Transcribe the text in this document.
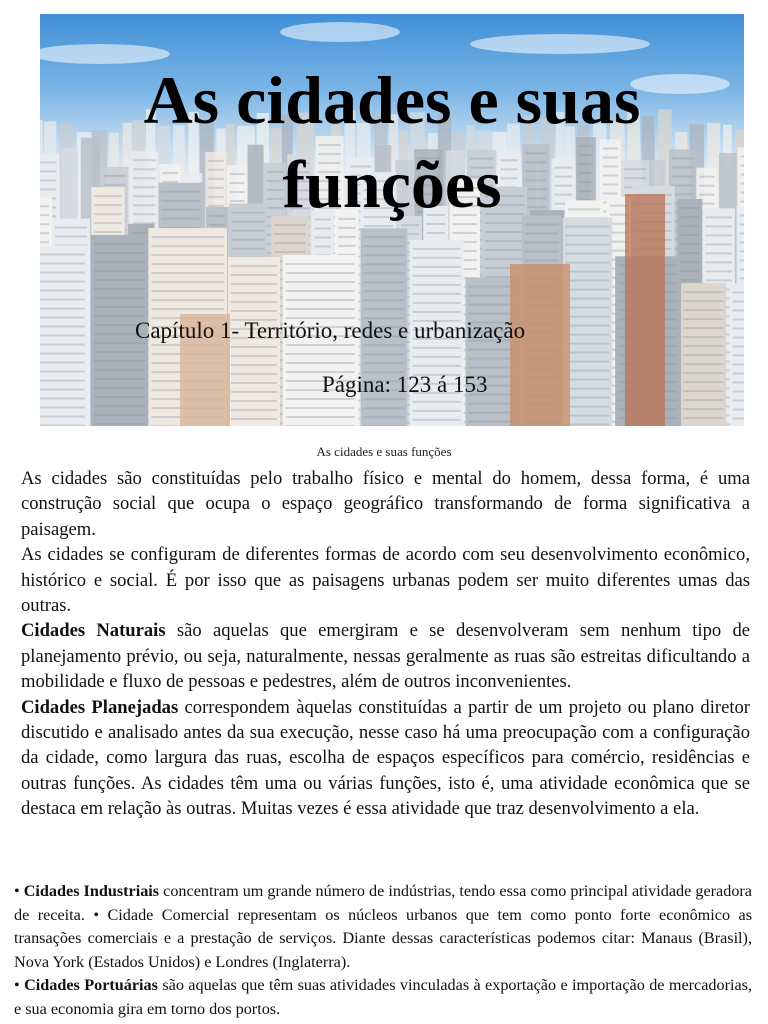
As cidades e suas funções
Capítulo 1- Território, redes e urbanização
Página: 123 á 153
As cidades e suas funções

As cidades são constituídas pelo trabalho físico e mental do homem, dessa forma, é uma construção social que ocupa o espaço geográfico transformando de forma significativa a paisagem.

As cidades se configuram de diferentes formas de acordo com seu desenvolvimento econômico, histórico e social. É por isso que as paisagens urbanas podem ser muito diferentes umas das outras.

Cidades Naturais são aquelas que emergiram e se desenvolveram sem nenhum tipo de planejamento prévio, ou seja, naturalmente, nessas geralmente as ruas são estreitas dificultando a mobilidade e fluxo de pessoas e pedestres, além de outros inconvenientes.

Cidades Planejadas correspondem àquelas constituídas a partir de um projeto ou plano diretor discutido e analisado antes da sua execução, nesse caso há uma preocupação com a configuração da cidade, como largura das ruas, escolha de espaços específicos para comércio, residências e outras funções. As cidades têm uma ou várias funções, isto é, uma atividade econômica que se destaca em relação às outras. Muitas vezes é essa atividade que traz desenvolvimento a ela.

• Cidades Industriais concentram um grande número de indústrias, tendo essa como principal atividade geradora de receita. • Cidade Comercial representam os núcleos urbanos que tem como ponto forte econômico as transações comerciais e a prestação de serviços. Diante dessas características podemos citar: Manaus (Brasil), Nova York (Estados Unidos) e Londres (Inglaterra).

• Cidades Portuárias são aquelas que têm suas atividades vinculadas à exportação e importação de mercadorias, e sua economia gira em torno dos portos.
